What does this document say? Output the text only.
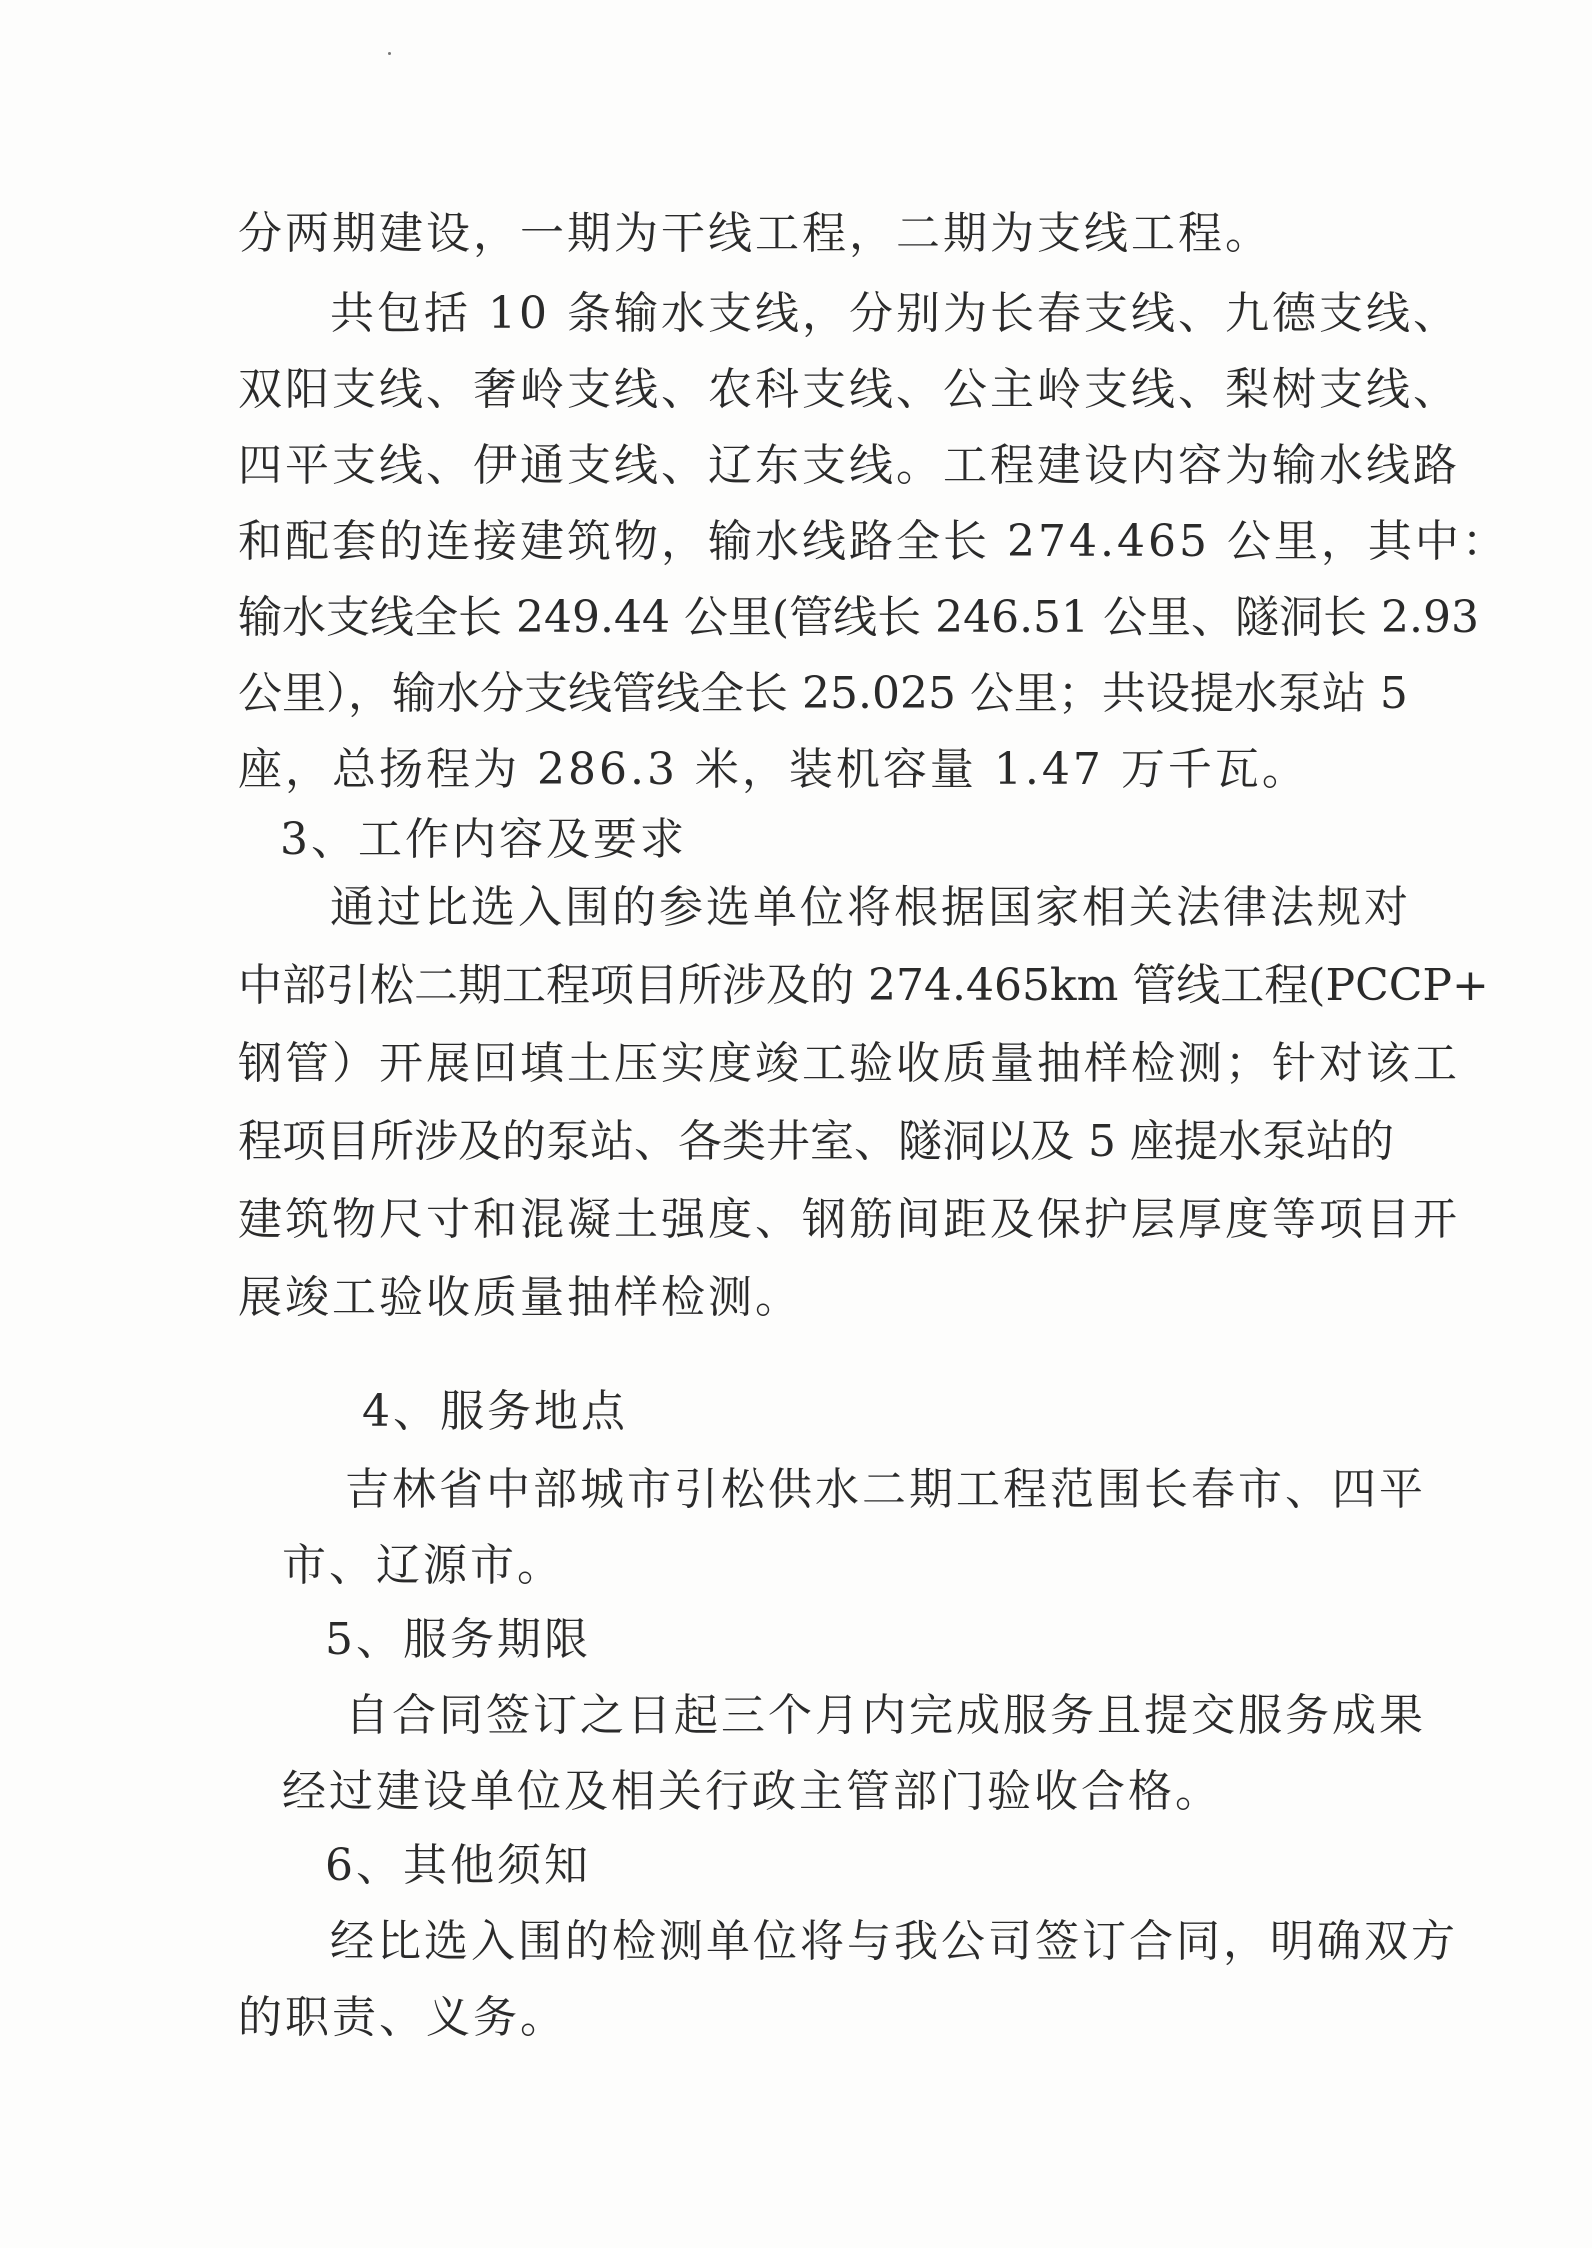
分两期建设，一期为干线工程，二期为支线工程。
共包括 10 条输水支线，分别为长春支线、九德支线、
双阳支线、奢岭支线、农科支线、公主岭支线、梨树支线、
四平支线、伊通支线、辽东支线。工程建设内容为输水线路
和配套的连接建筑物，输水线路全长 274.465 公里，其中：
输水支线全长 249.44 公里(管线长 246.51 公里、隧洞长 2.93
公里），输水分支线管线全长 25.025 公里；共设提水泵站 5
座，总扬程为 286.3 米，装机容量 1.47 万千瓦。
3、工作内容及要求
通过比选入围的参选单位将根据国家相关法律法规对
中部引松二期工程项目所涉及的 274.465km 管线工程(PCCP+
钢管）开展回填土压实度竣工验收质量抽样检测；针对该工
程项目所涉及的泵站、各类井室、隧洞以及 5 座提水泵站的
建筑物尺寸和混凝土强度、钢筋间距及保护层厚度等项目开
展竣工验收质量抽样检测。
4、服务地点
吉林省中部城市引松供水二期工程范围长春市、四平
市、辽源市。
5、服务期限
自合同签订之日起三个月内完成服务且提交服务成果
经过建设单位及相关行政主管部门验收合格。
6、其他须知
经比选入围的检测单位将与我公司签订合同，明确双方
的职责、义务。
